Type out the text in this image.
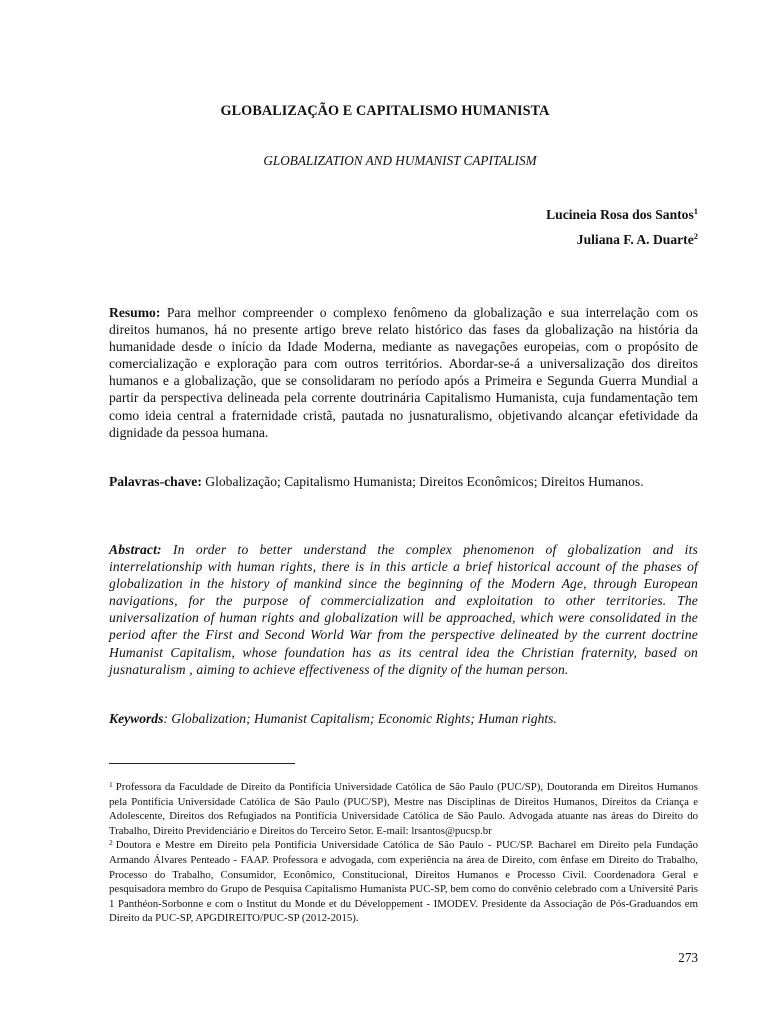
GLOBALIZAÇÃO E CAPITALISMO HUMANISTA
GLOBALIZATION AND HUMANIST CAPITALISM
Lucineia Rosa dos Santos$^1$
Juliana F. A. Duarte$^2$
Resumo: Para melhor compreender o complexo fenômeno da globalização e sua interrelação com os direitos humanos, há no presente artigo breve relato histórico das fases da globalização na história da humanidade desde o início da Idade Moderna, mediante as navegações europeias, com o propósito de comercialização e exploração para com outros territórios. Abordar-se-á a universalização dos direitos humanos e a globalização, que se consolidaram no período após a Primeira e Segunda Guerra Mundial a partir da perspectiva delineada pela corrente doutrinária Capitalismo Humanista, cuja fundamentação tem como ideia central a fraternidade cristã, pautada no jusnaturalismo, objetivando alcançar efetividade da dignidade da pessoa humana.
Palavras-chave: Globalização; Capitalismo Humanista; Direitos Econômicos; Direitos Humanos.
Abstract: In order to better understand the complex phenomenon of globalization and its interrelationship with human rights, there is in this article a brief historical account of the phases of globalization in the history of mankind since the beginning of the Modern Age, through European navigations, for the purpose of commercialization and exploitation to other territories. The universalization of human rights and globalization will be approached, which were consolidated in the period after the First and Second World War from the perspective delineated by the current doctrine Humanist Capitalism, whose foundation has as its central idea the Christian fraternity, based on jusnaturalism , aiming to achieve effectiveness of the dignity of the human person.
Keywords: Globalization; Humanist Capitalism; Economic Rights; Human rights.

$^1$ Professora da Faculdade de Direito da Pontifícia Universidade Católica de São Paulo (PUC/SP), Doutoranda em Direitos Humanos pela Pontifícia Universidade Católica de São Paulo (PUC/SP), Mestre nas Disciplinas de Direitos Humanos, Direitos da Criança e Adolescente, Direitos dos Refugiados na Pontifícia Universidade Católica de São Paulo. Advogada atuante nas áreas do Direito do Trabalho, Direito Previdenciário e Direitos do Terceiro Setor. E-mail: lrsantos@pucsp.br

$^2$ Doutora e Mestre em Direito pela Pontifícia Universidade Católica de São Paulo - PUC/SP. Bacharel em Direito pela Fundação Armando Álvares Penteado - FAAP. Professora e advogada, com experiência na área de Direito, com ênfase em Direito do Trabalho, Processo do Trabalho, Consumidor, Econômico, Constitucional, Direitos Humanos e Processo Civil. Coordenadora Geral e pesquisadora membro do Grupo de Pesquisa Capitalismo Humanista PUC-SP, bem como do convênio celebrado com a Université Paris 1 Panthéon-Sorbonne e com o Institut du Monde et du Développement - IMODEV. Presidente da Associação de Pós-Graduandos em Direito da PUC-SP, APGDIREITO/PUC-SP (2012-2015).

273
